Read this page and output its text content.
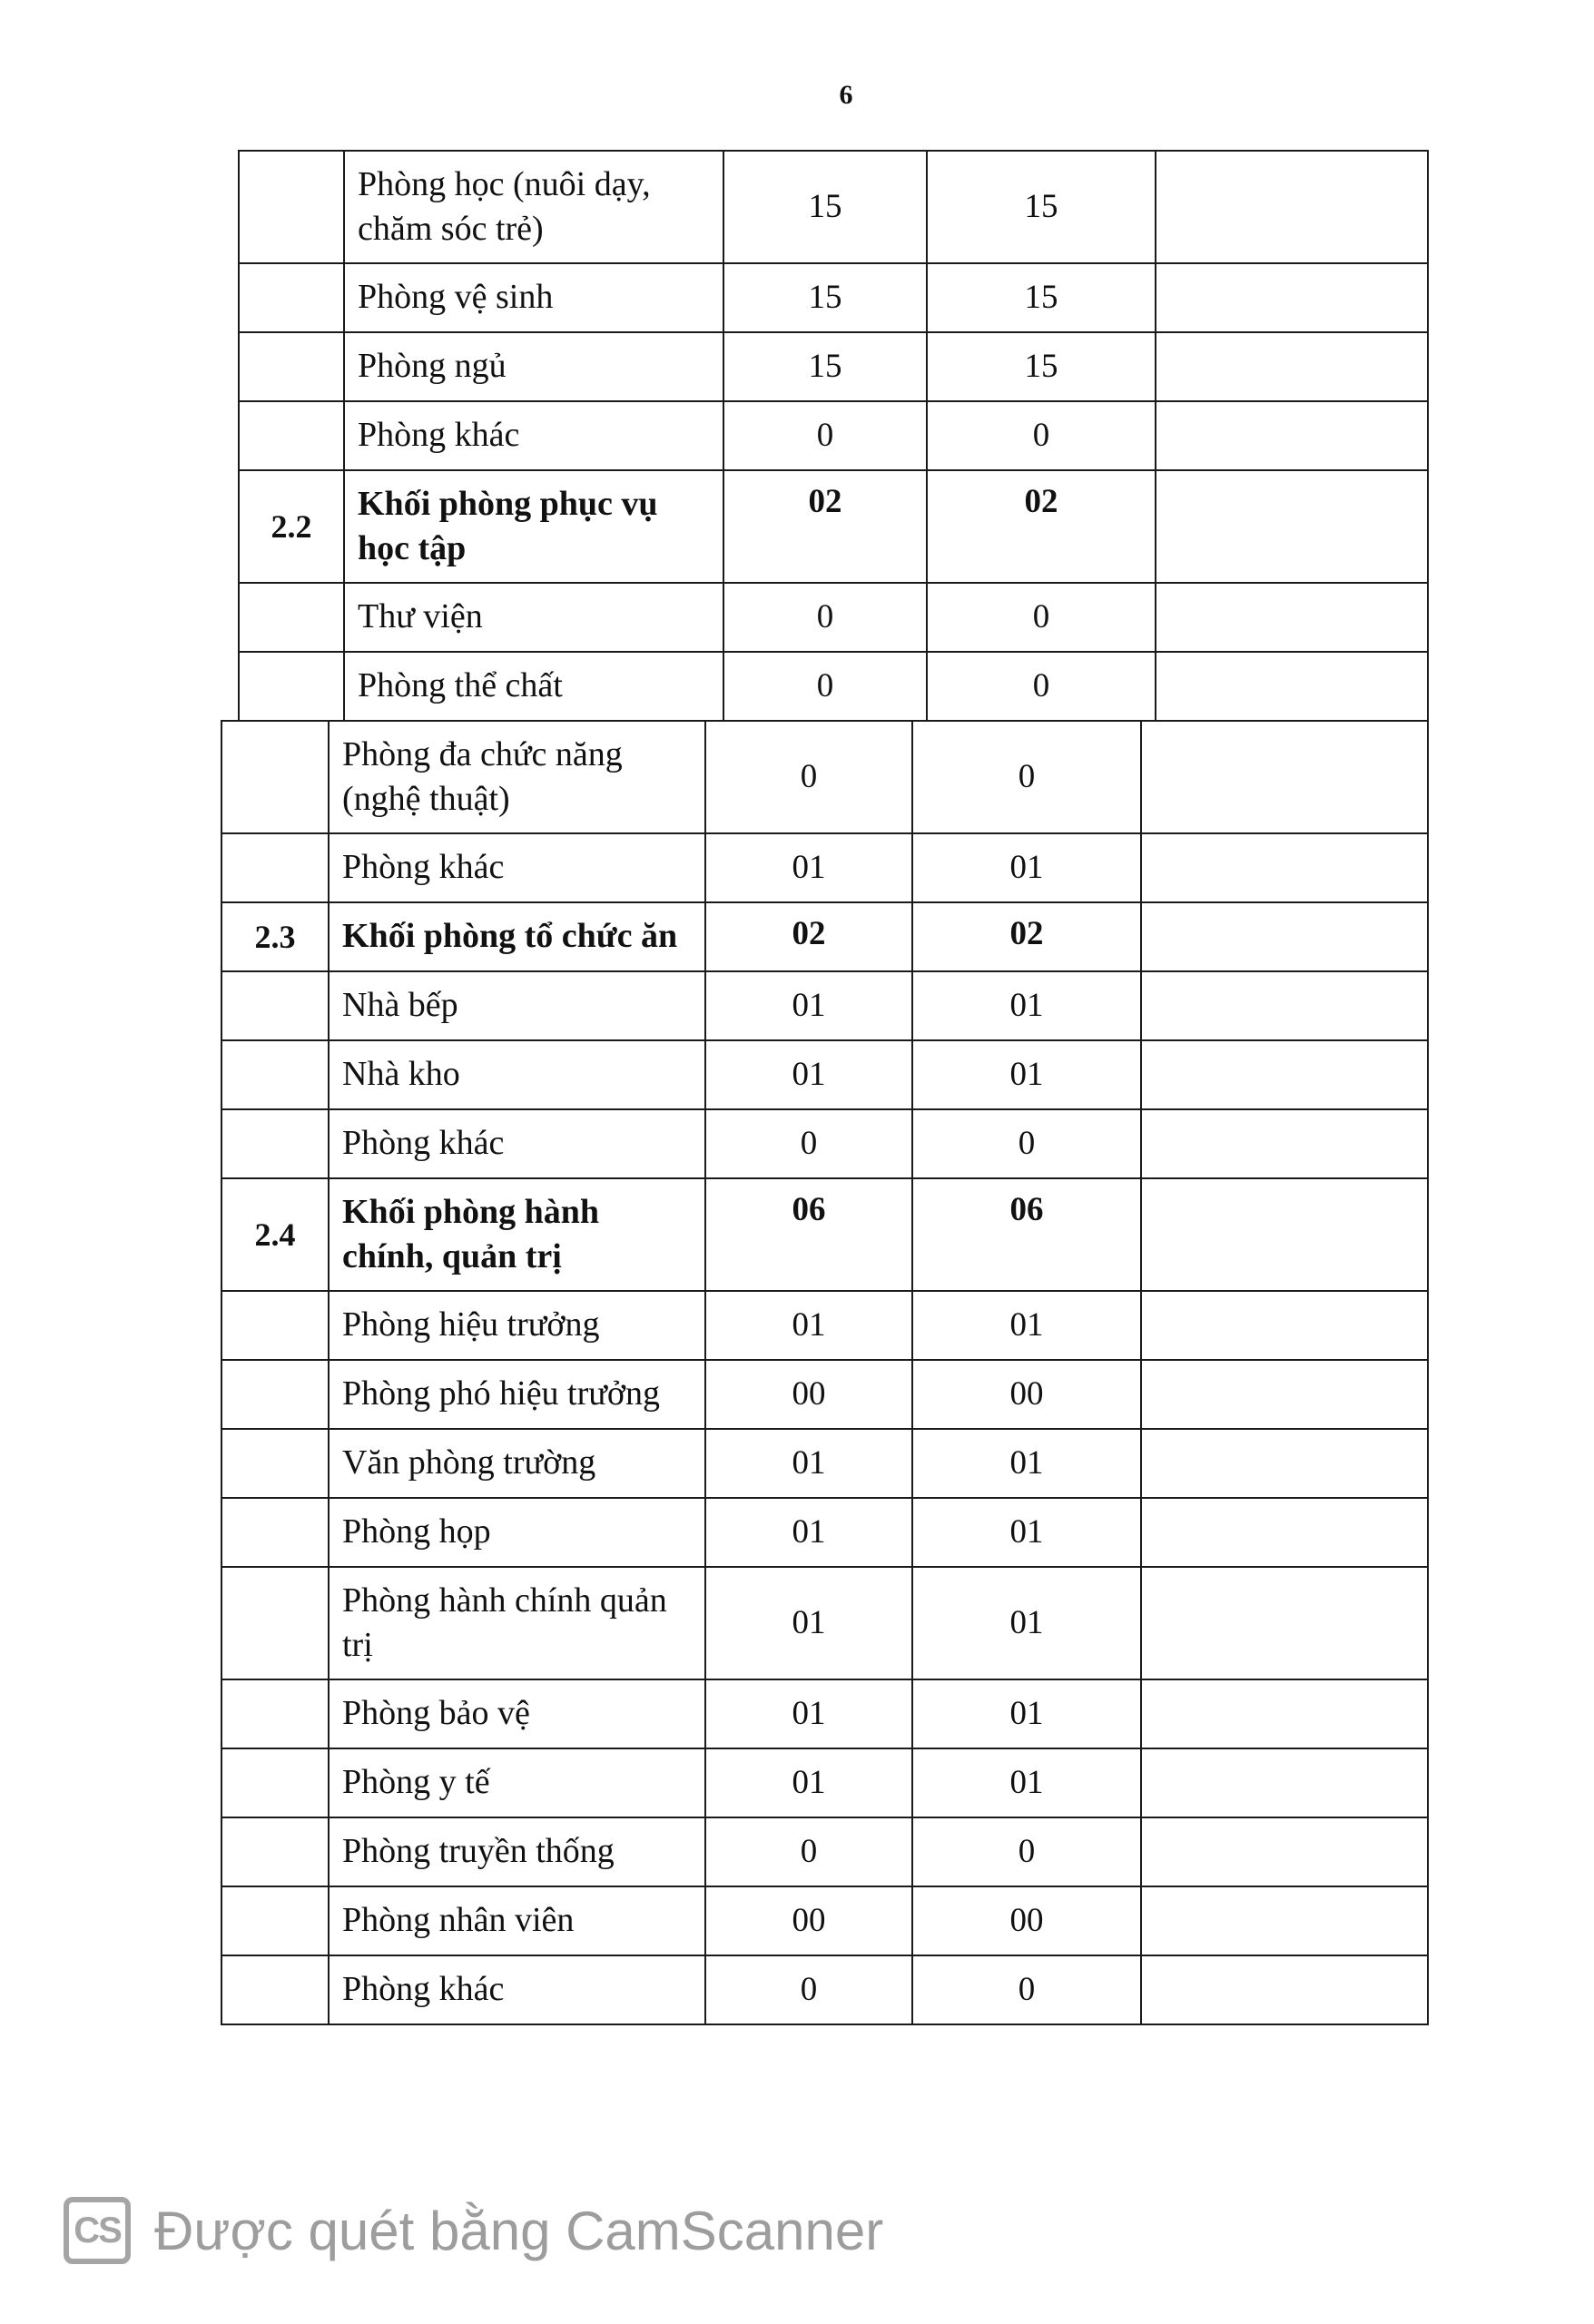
6
	Phòng học (nuôi dạy, chăm sóc trẻ)	15	15	
	Phòng vệ sinh	15	15	
	Phòng ngủ	15	15	
	Phòng khác	0	0	
2.2	Khối phòng phục vụ học tập	02	02	
	Thư viện	0	0	
	Phòng thể chất	0	0	
	Phòng đa chức năng (nghệ thuật)	0	0	
	Phòng khác	01	01	
2.3	Khối phòng tổ chức ăn	02	02	
	Nhà bếp	01	01	
	Nhà kho	01	01	
	Phòng khác	0	0	
2.4	Khối phòng hành chính, quản trị	06	06	
	Phòng hiệu trưởng	01	01	
	Phòng phó hiệu trưởng	00	00	
	Văn phòng trường	01	01	
	Phòng họp	01	01	
	Phòng hành chính quản trị	01	01	
	Phòng bảo vệ	01	01	
	Phòng y tế	01	01	
	Phòng truyền thống	0	0	
	Phòng nhân viên	00	00	
	Phòng khác	0	0	
CS Được quét bằng CamScanner
